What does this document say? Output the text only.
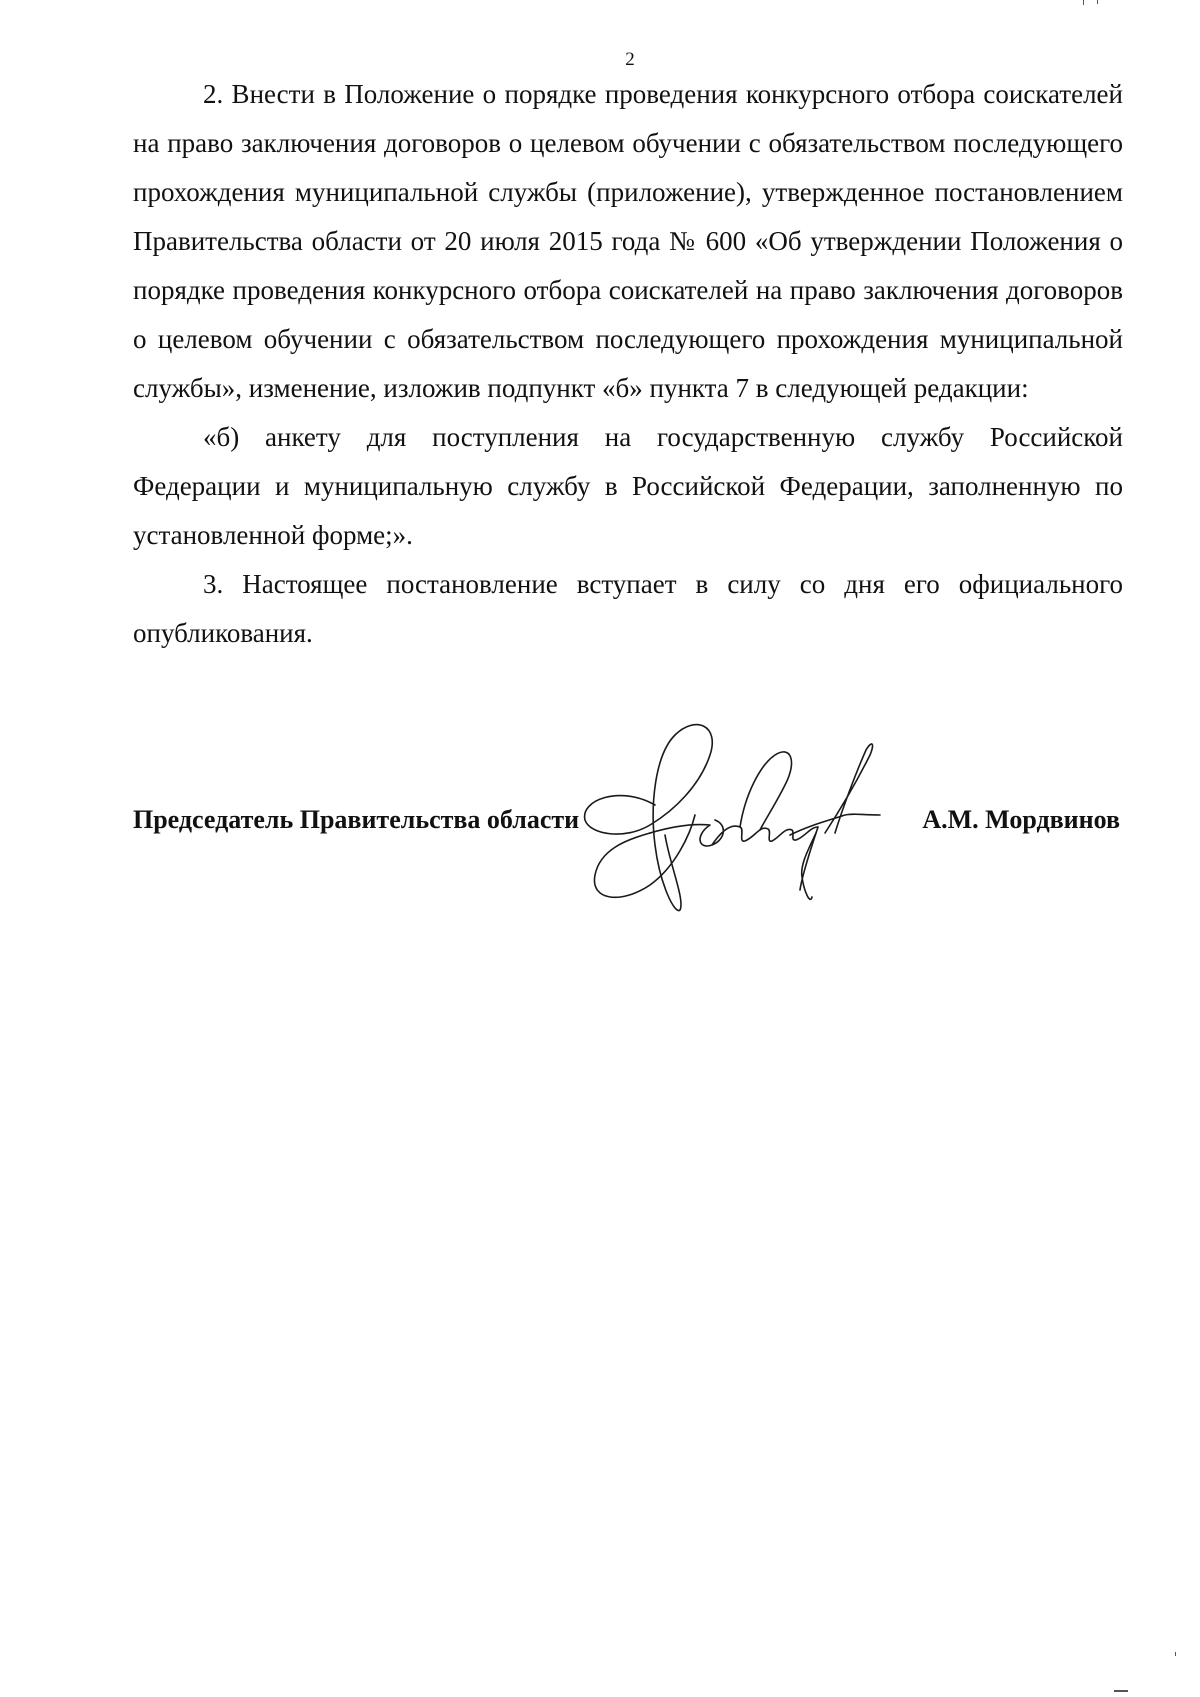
2

2. Внести в Положение о порядке проведения конкурсного отбора соискателей на право заключения договоров о целевом обучении с обязательством последующего прохождения муниципальной службы (приложение), утвержденное постановлением Правительства области от 20 июля 2015 года № 600 «Об утверждении Положения о порядке проведения конкурсного отбора соискателей на право заключения договоров о целевом обучении с обязательством последующего прохождения муниципальной службы», изменение, изложив подпункт «б» пункта 7 в следующей редакции:

«б) анкету для поступления на государственную службу Российской Федерации и муниципальную службу в Российской Федерации, заполненную по установленной форме;».

3. Настоящее постановление вступает в силу со дня его официального опубликования.

Председатель Правительства области	А.М. Мордвинов
